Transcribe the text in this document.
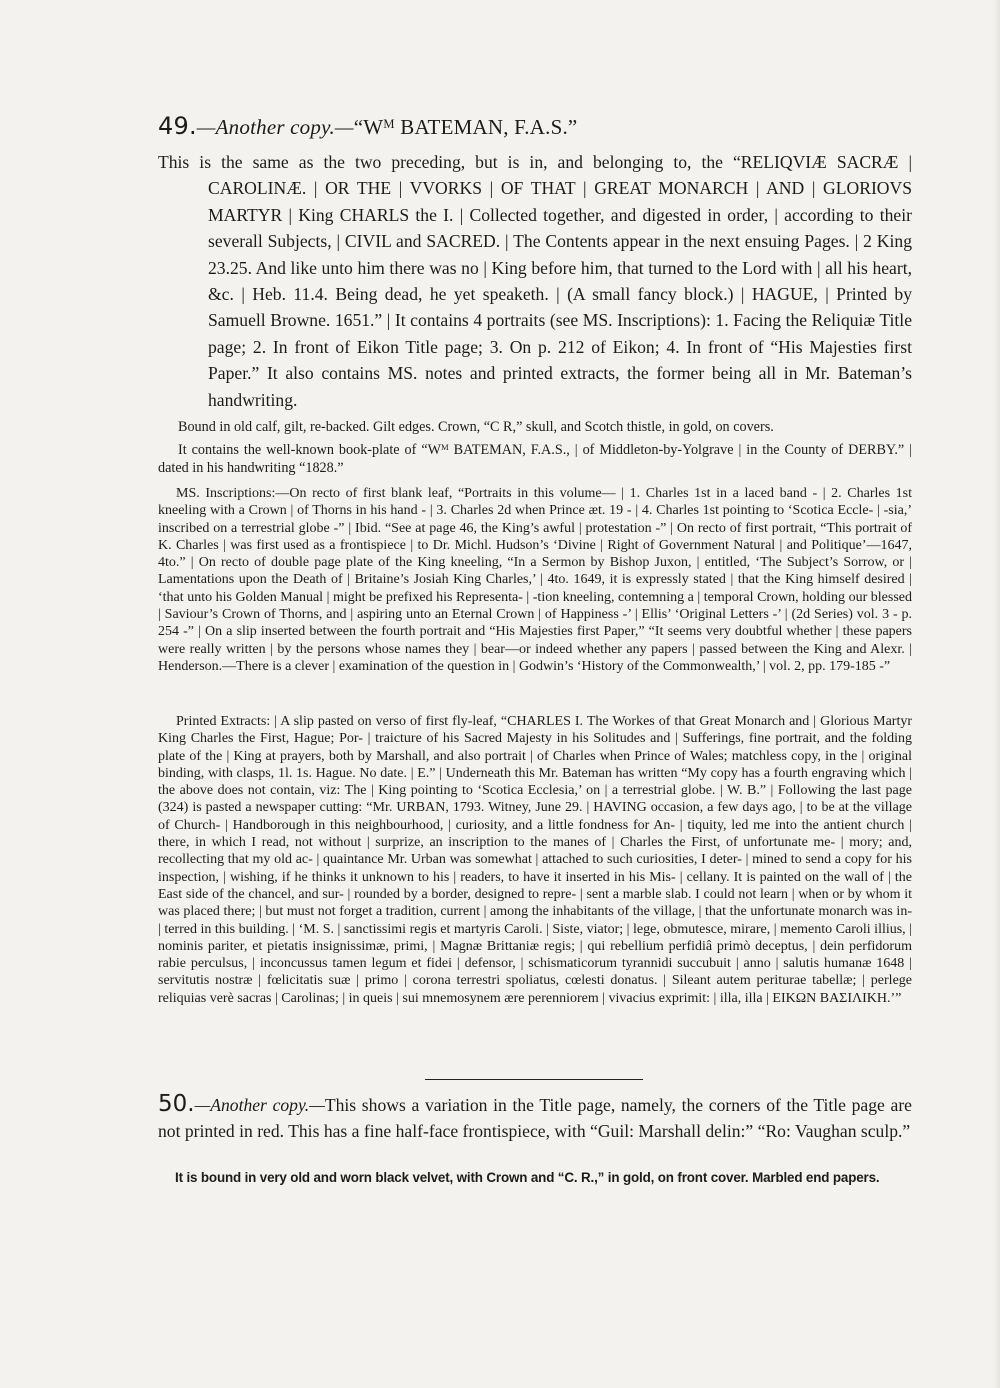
49.—Another copy.—“Wᴹ BATEMAN, F.A.S.”
This is the same as the two preceding, but is in, and belonging to, the “RELIQVIÆ SACRÆ | CAROLINÆ. | OR THE | VVORKS | OF THAT | GREAT MONARCH | AND | GLORIOVS MARTYR | King CHARLS the I. | Collected together, and digested in order, | according to their severall Subjects, | CIVIL and SACRED. | The Contents appear in the next ensuing Pages. | 2 King 23.25. And like unto him there was no | King before him, that turned to the Lord with | all his heart, &c. | Heb. 11.4. Being dead, he yet speaketh. | (A small fancy block.) | HAGUE, | Printed by Samuell Browne. 1651.” | It contains 4 portraits (see MS. Inscriptions): 1. Facing the Reliquiæ Title page; 2. In front of Eikon Title page; 3. On p. 212 of Eikon; 4. In front of “His Majesties first Paper.” It also contains MS. notes and printed extracts, the former being all in Mr. Bateman’s handwriting.
Bound in old calf, gilt, re-backed. Gilt edges. Crown, “C R,” skull, and Scotch thistle, in gold, on covers.
It contains the well-known book-plate of “Wᴹ BATEMAN, F.A.S., | of Middleton-by-Yolgrave | in the County of DERBY.” | dated in his handwriting “1828.”
MS. Inscriptions:—On recto of first blank leaf, “Portraits in this volume— | 1. Charles 1st in a laced band - | 2. Charles 1st kneeling with a Crown | of Thorns in his hand - | 3. Charles 2d when Prince æt. 19 - | 4. Charles 1st pointing to ‘Scotica Eccle- | -sia,’ inscribed on a terrestrial globe -” | Ibid. “See at page 46, the King’s awful | protestation -” | On recto of first portrait, “This portrait of K. Charles | was first used as a frontispiece | to Dr. Michl. Hudson’s ‘Divine | Right of Government Natural | and Politique’—1647, 4to.” | On recto of double page plate of the King kneeling, “In a Sermon by Bishop Juxon, | entitled, ‘The Subject’s Sorrow, or | Lamentations upon the Death of | Britaine’s Josiah King Charles,’ | 4to. 1649, it is expressly stated | that the King himself desired | ‘that unto his Golden Manual | might be prefixed his Representa- | -tion kneeling, contemning a | temporal Crown, holding our blessed | Saviour’s Crown of Thorns, and | aspiring unto an Eternal Crown | of Happiness -’ | Ellis’ ‘Original Letters -’ | (2d Series) vol. 3 - p. 254 -” | On a slip inserted between the fourth portrait and “His Majesties first Paper,” “It seems very doubtful whether | these papers were really written | by the persons whose names they | bear—or indeed whether any papers | passed between the King and Alexr. | Henderson.—There is a clever | examination of the question in | Godwin’s ‘History of the Commonwealth,’ | vol. 2, pp. 179-185 -”
Printed Extracts: | A slip pasted on verso of first fly-leaf, “CHARLES I. The Workes of that Great Monarch and | Glorious Martyr King Charles the First, Hague; Por- | traicture of his Sacred Majesty in his Solitudes and | Sufferings, fine portrait, and the folding plate of the | King at prayers, both by Marshall, and also portrait | of Charles when Prince of Wales; matchless copy, in the | original binding, with clasps, 1l. 1s. Hague. No date. | E.” | Underneath this Mr. Bateman has written “My copy has a fourth engraving which | the above does not contain, viz: The | King pointing to ‘Scotica Ecclesia,’ on | a terrestrial globe. | W. B.” | Following the last page (324) is pasted a newspaper cutting: “Mr. URBAN, 1793. Witney, June 29. | HAVING occasion, a few days ago, | to be at the village of Church- | Handborough in this neighbourhood, | curiosity, and a little fondness for An- | tiquity, led me into the antient church | there, in which I read, not without | surprize, an inscription to the manes of | Charles the First, of unfortunate me- | mory; and, recollecting that my old ac- | quaintance Mr. Urban was somewhat | attached to such curiosities, I deter- | mined to send a copy for his inspection, | wishing, if he thinks it unknown to his | readers, to have it inserted in his Mis- | cellany. It is painted on the wall of | the East side of the chancel, and sur- | rounded by a border, designed to repre- | sent a marble slab. I could not learn | when or by whom it was placed there; | but must not forget a tradition, current | among the inhabitants of the village, | that the unfortunate monarch was in- | terred in this building. | ‘M. S. | sanctissimi regis et martyris Caroli. | Siste, viator; | lege, obmutesce, mirare, | memento Caroli illius, | nominis pariter, et pietatis insignissimæ, primi, | Magnæ Brittaniæ regis; | qui rebellium perfidiâ primò deceptus, | dein perfidorum rabie perculsus, | inconcussus tamen legum et fidei | defensor, | schismaticorum tyrannidi succubuit | anno | salutis humanæ 1648 | servitutis nostræ | fœlicitatis suæ | primo | corona terrestri spoliatus, cœlesti donatus. | Sileant autem periturae tabellæ; | perlege reliquias verè sacras | Carolinas; | in queis | sui mnemosynem ære perenniorem | vivacius exprimit: | illa, illa | ΕΙΚΩΝ ΒΑΣΙΛΙΚΗ.’”
50.—Another copy.—This shows a variation in the Title page, namely, the corners of the Title page are not printed in red. This has a fine half-face frontispiece, with “Guil: Marshall delin:” “Ro: Vaughan sculp.”
It is bound in very old and worn black velvet, with Crown and “C. R.,” in gold, on front cover. Marbled end papers.
